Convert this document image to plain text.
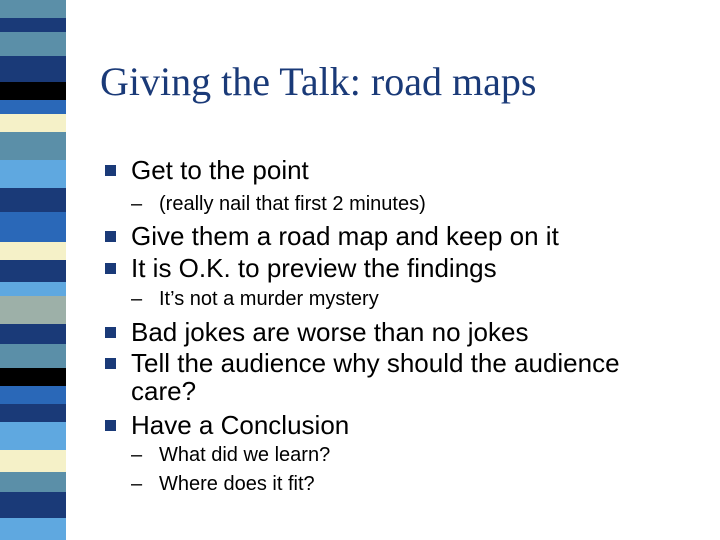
Giving the Talk: road maps
Get to the point
– (really nail that first 2 minutes)
Give them a road map and keep on it
It is O.K. to preview the findings
– It’s not a murder mystery
Bad jokes are worse than no jokes
Tell the audience why should the audience
care?
Have a Conclusion
– What did we learn?
– Where does it fit?
